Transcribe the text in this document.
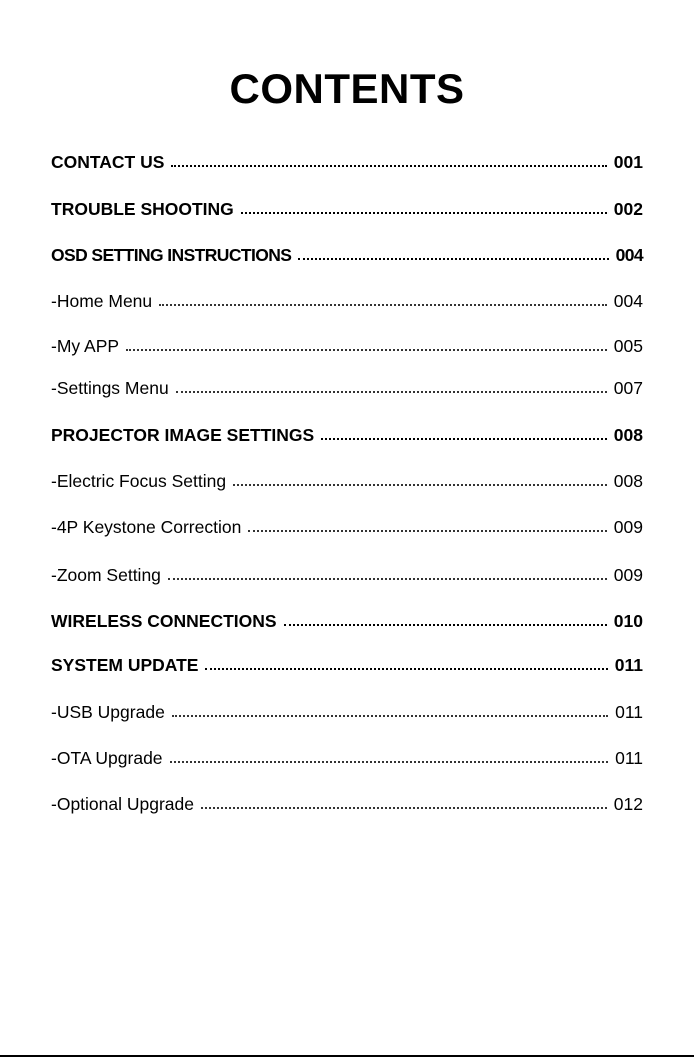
CONTENTS
CONTACT US	001
TROUBLE SHOOTING	002
OSD SETTING INSTRUCTIONS	004
-Home Menu	004
-My APP	005
-Settings Menu	007
PROJECTOR IMAGE SETTINGS	008
-Electric Focus Setting	008
-4P Keystone Correction	009
-Zoom Setting	009
WIRELESS CONNECTIONS	010
SYSTEM UPDATE	011
-USB Upgrade	011
-OTA Upgrade	011
-Optional Upgrade	012
